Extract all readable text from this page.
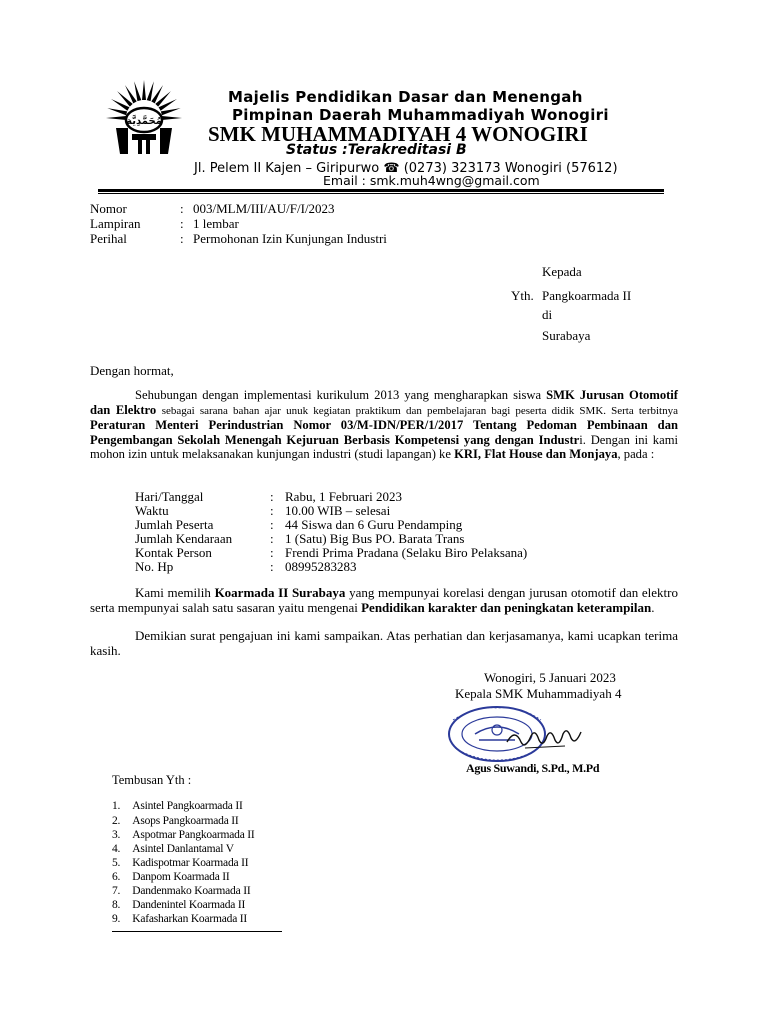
مُحَمَّدِيَّة
Majelis Pendidikan Dasar dan Menengah
Pimpinan Daerah Muhammadiyah Wonogiri
SMK MUHAMMADIYAH 4 WONOGIRI
Status :Terakreditasi B
Jl. Pelem II Kajen – Giripurwo ☎ (0273) 323173 Wonogiri (57612)
Email : smk.muh4wng@gmail.com
Nomor	: 003/MLM/III/AU/F/I/2023
Lampiran	: 1 lembar
Perihal	: Permohonan Izin Kunjungan Industri
Kepada
Yth. Pangkoarmada II
di
Surabaya
Dengan hormat,
Sehubungan dengan implementasi kurikulum 2013 yang mengharapkan siswa SMK Jurusan Otomotif dan Elektro sebagai sarana bahan ajar unuk kegiatan praktikum dan pembelajaran bagi peserta didik SMK. Serta terbitnya Peraturan Menteri Perindustrian Nomor 03/M-IDN/PER/1/2017 Tentang Pedoman Pembinaan dan Pengembangan Sekolah Menengah Kejuruan Berbasis Kompetensi yang dengan Industri. Dengan ini kami mohon izin untuk melaksanakan kunjungan industri (studi lapangan) ke KRI, Flat House dan Monjaya, pada :
Hari/Tanggal	: Rabu, 1 Februari 2023
Waktu	: 10.00 WIB – selesai
Jumlah Peserta	: 44 Siswa dan 6 Guru Pendamping
Jumlah Kendaraan	: 1 (Satu) Big Bus PO. Barata Trans
Kontak Person	: Frendi Prima Pradana (Selaku Biro Pelaksana)
No. Hp	: 08995283283
Kami memilih Koarmada II Surabaya yang mempunyai korelasi dengan jurusan otomotif dan elektro serta mempunyai salah satu sasaran yaitu mengenai Pendidikan karakter dan peningkatan keterampilan.
Demikian surat pengajuan ini kami sampaikan. Atas perhatian dan kerjasamanya, kami ucapkan terima kasih.
Wonogiri, 5 Januari 2023
Kepala SMK Muhammadiyah 4
Agus Suwandi, S.Pd., M.Pd
Tembusan Yth :
1. Asintel Pangkoarmada II
2. Asops Pangkoarmada II
3. Aspotmar Pangkoarmada II
4. Asintel Danlantamal V
5. Kadispotmar Koarmada II
6. Danpom Koarmada II
7. Dandenmako Koarmada II
8. Dandenintel Koarmada II
9. Kafasharkan Koarmada II
